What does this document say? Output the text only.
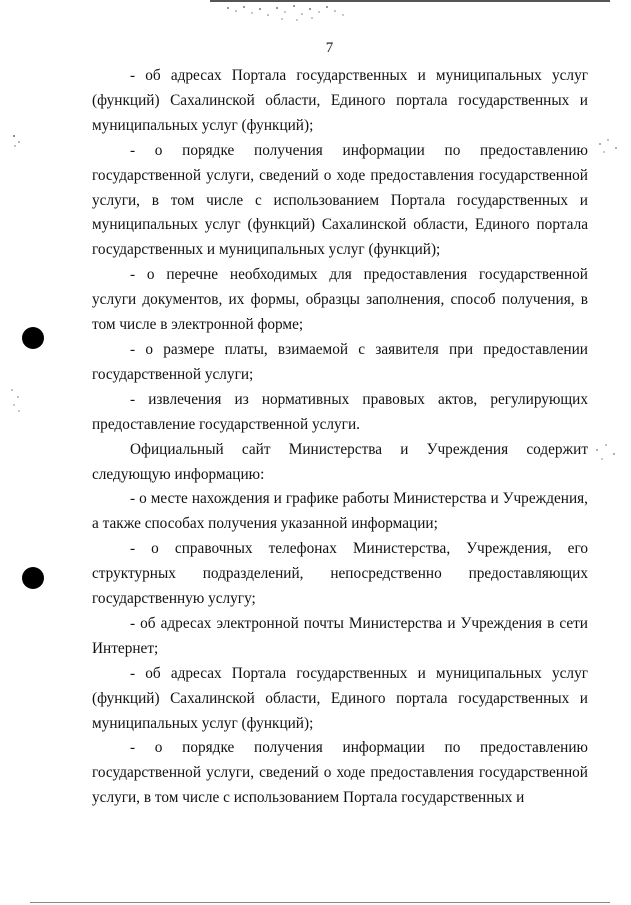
7

- об адресах Портала государственных и муниципальных услуг (функций) Сахалинской области, Единого портала государственных и муниципальных услуг (функций);

- о порядке получения информации по предоставлению государственной услуги, сведений о ходе предоставления государственной услуги, в том числе с использованием Портала государственных и муниципальных услуг (функций) Сахалинской области, Единого портала государственных и муниципальных услуг (функций);

- о перечне необходимых для предоставления государственной услуги документов, их формы, образцы заполнения, способ получения, в том числе в электронной форме;

- о размере платы, взимаемой с заявителя при предоставлении государственной услуги;

- извлечения из нормативных правовых актов, регулирующих предоставление государственной услуги.

Официальный сайт Министерства и Учреждения содержит следующую информацию:

- о месте нахождения и графике работы Министерства и Учреждения, а также способах получения указанной информации;

- о справочных телефонах Министерства, Учреждения, его структурных подразделений, непосредственно предоставляющих государственную услугу;

- об адресах электронной почты Министерства и Учреждения в сети Интернет;

- об адресах Портала государственных и муниципальных услуг (функций) Сахалинской области, Единого портала государственных и муниципальных услуг (функций);

- о порядке получения информации по предоставлению государственной услуги, сведений о ходе предоставления государственной услуги, в том числе с использованием Портала государственных и
